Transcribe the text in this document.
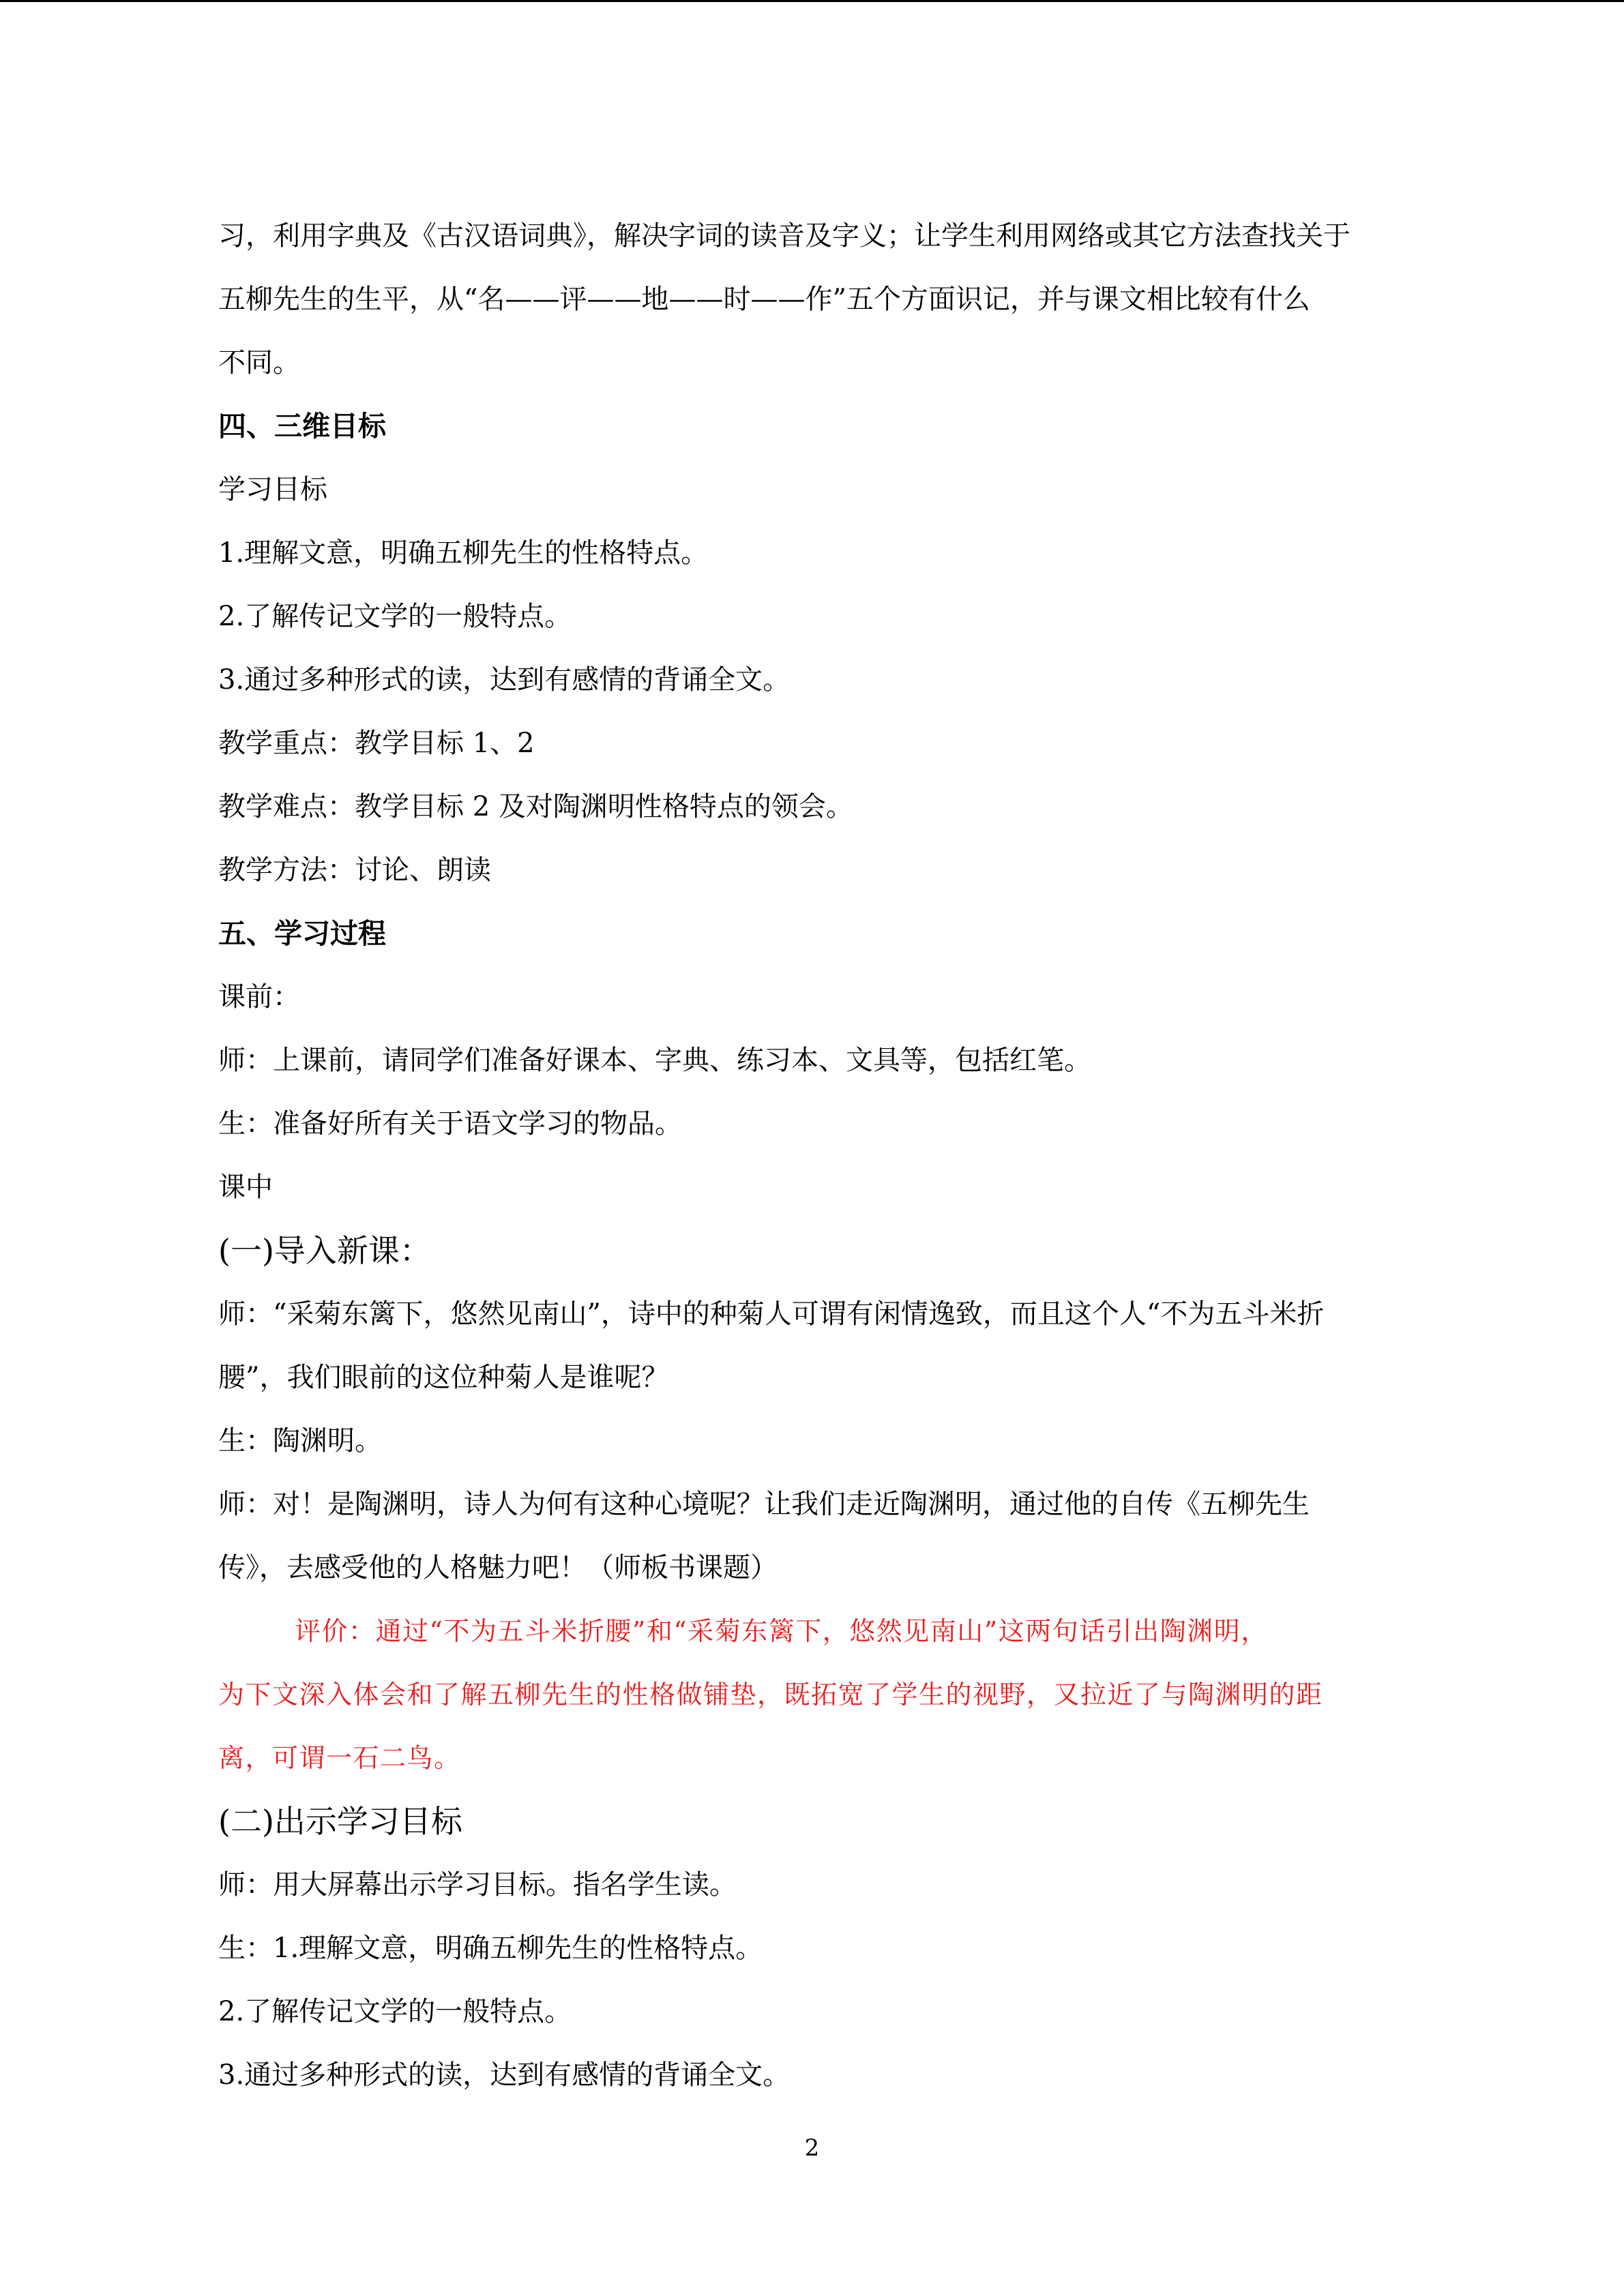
习，利用字典及《古汉语词典》，解决字词的读音及字义；让学生利用网络或其它方法查找关于
五柳先生的生平，从“名——评——地——时——作”五个方面识记，并与课文相比较有什么
不同。
四、三维目标
学习目标
1.理解文意，明确五柳先生的性格特点。
2.了解传记文学的一般特点。
3.通过多种形式的读，达到有感情的背诵全文。
教学重点：教学目标 1、2
教学难点：教学目标 2 及对陶渊明性格特点的领会。
教学方法：讨论、朗读
五、学习过程
课前：
师：上课前，请同学们准备好课本、字典、练习本、文具等，包括红笔。
生：准备好所有关于语文学习的物品。
课中
(一)导入新课：
师：“采菊东篱下，悠然见南山”，诗中的种菊人可谓有闲情逸致，而且这个人“不为五斗米折
腰”，我们眼前的这位种菊人是谁呢？
生：陶渊明。
师：对！是陶渊明，诗人为何有这种心境呢？让我们走近陶渊明，通过他的自传《五柳先生
传》，去感受他的人格魅力吧！（师板书课题）
评价：通过“不为五斗米折腰”和“采菊东篱下，悠然见南山”这两句话引出陶渊明，
为下文深入体会和了解五柳先生的性格做铺垫，既拓宽了学生的视野，又拉近了与陶渊明的距
离，可谓一石二鸟。
(二)出示学习目标
师：用大屏幕出示学习目标。指名学生读。
生：1.理解文意，明确五柳先生的性格特点。
2.了解传记文学的一般特点。
3.通过多种形式的读，达到有感情的背诵全文。
2
